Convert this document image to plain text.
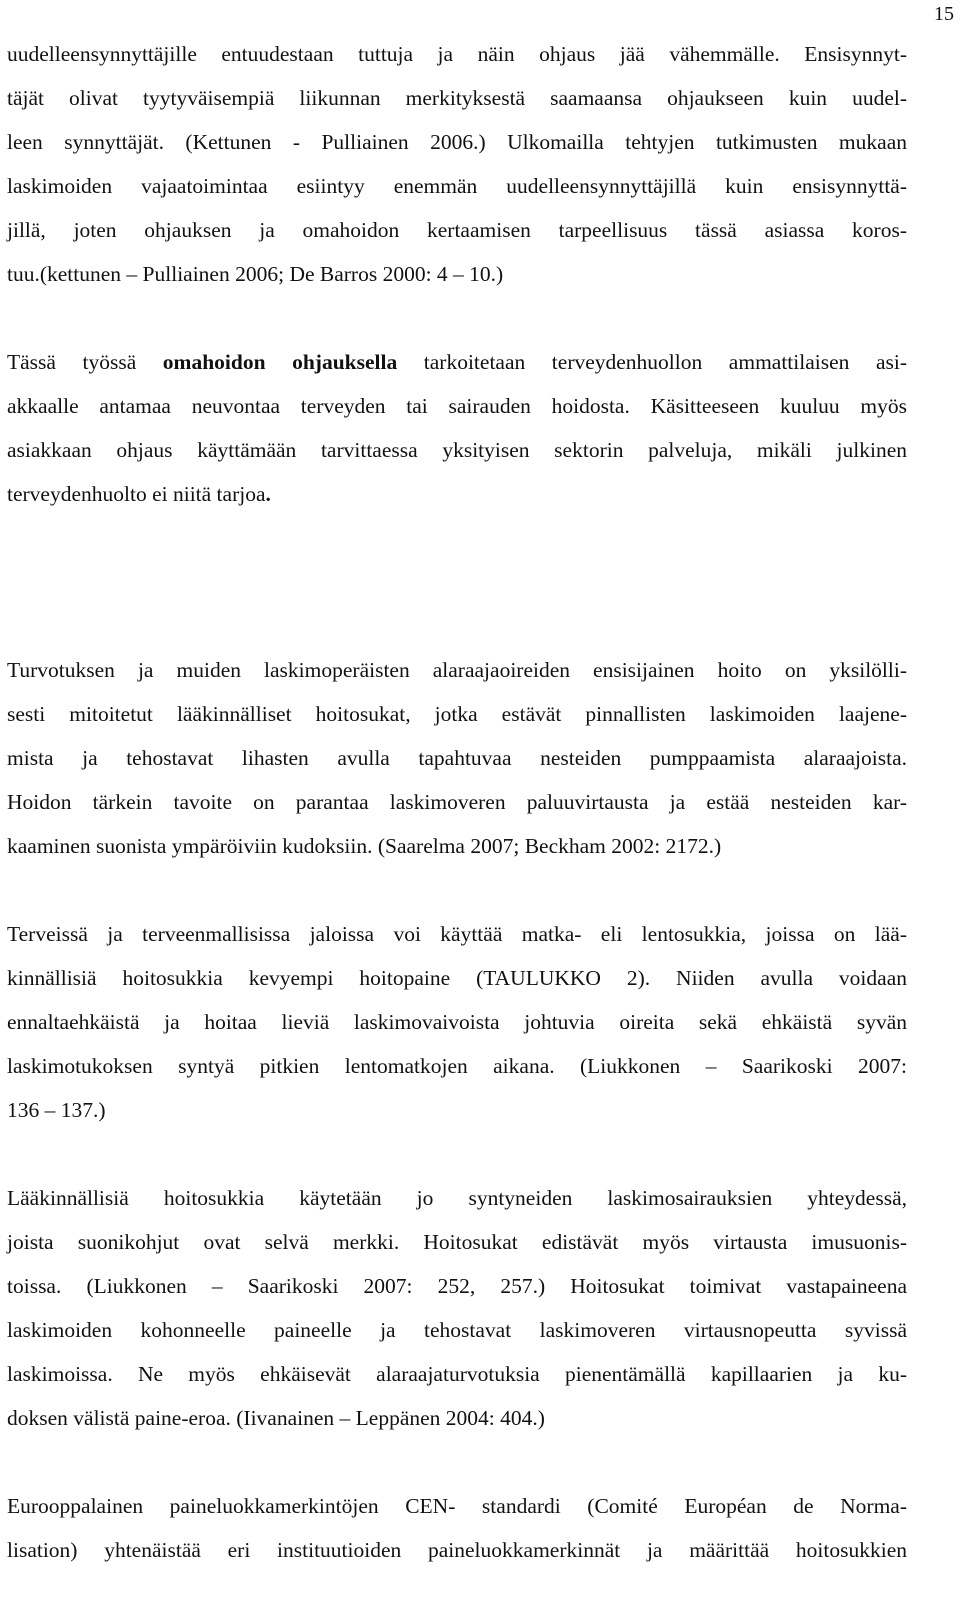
15

uudelleensynnyttäjille entuudestaan tuttuja ja näin ohjaus jää vähemmälle. Ensisynnyt-
täjät olivat tyytyväisempiä liikunnan merkityksestä saamaansa ohjaukseen kuin uudel-
leen synnyttäjät. (Kettunen - Pulliainen 2006.) Ulkomailla tehtyjen tutkimusten mukaan
laskimoiden vajaatoimintaa esiintyy enemmän uudelleensynnyttäjillä kuin ensisynnyttä-
jillä, joten ohjauksen ja omahoidon kertaamisen tarpeellisuus tässä asiassa koros-
tuu.(kettunen – Pulliainen 2006; De Barros 2000: 4 – 10.)

Tässä työssä omahoidon ohjauksella tarkoitetaan terveydenhuollon ammattilaisen asi-
akkaalle antamaa neuvontaa terveyden tai sairauden hoidosta. Käsitteeseen kuuluu myös
asiakkaan ohjaus käyttämään tarvittaessa yksityisen sektorin palveluja, mikäli julkinen
terveydenhuolto ei niitä tarjoa.

Turvotuksen ja muiden laskimoperäisten alaraajaoireiden ensisijainen hoito on yksilölli-
sesti mitoitetut lääkinnälliset hoitosukat, jotka estävät pinnallisten laskimoiden laajene-
mista ja tehostavat lihasten avulla tapahtuvaa nesteiden pumppaamista alaraajoista.
Hoidon tärkein tavoite on parantaa laskimoveren paluuvirtausta ja estää nesteiden kar-
kaaminen suonista ympäröiviin kudoksiin. (Saarelma 2007; Beckham 2002: 2172.)

Terveissä ja terveenmallisissa jaloissa voi käyttää matka- eli lentosukkia, joissa on lää-
kinnällisiä hoitosukkia kevyempi hoitopaine (TAULUKKO 2). Niiden avulla voidaan
ennaltaehkäistä ja hoitaa lieviä laskimovaivoista johtuvia oireita sekä ehkäistä syvän
laskimotukoksen syntyä pitkien lentomatkojen aikana. (Liukkonen – Saarikoski 2007:
136 – 137.)

Lääkinnällisiä hoitosukkia käytetään jo syntyneiden laskimosairauksien yhteydessä,
joista suonikohjut ovat selvä merkki. Hoitosukat edistävät myös virtausta imusuonis-
toissa. (Liukkonen – Saarikoski 2007: 252, 257.) Hoitosukat toimivat vastapaineena
laskimoiden kohonneelle paineelle ja tehostavat laskimoveren virtausnopeutta syvissä
laskimoissa. Ne myös ehkäisevät alaraajaturvotuksia pienentämällä kapillaarien ja ku-
doksen välistä paine-eroa. (Iivanainen – Leppänen 2004: 404.)

Eurooppalainen paineluokkamerkintöjen CEN- standardi (Comité Européan de Norma-
lisation) yhtenäistää eri instituutioiden paineluokkamerkinnät ja määrittää hoitosukkien
